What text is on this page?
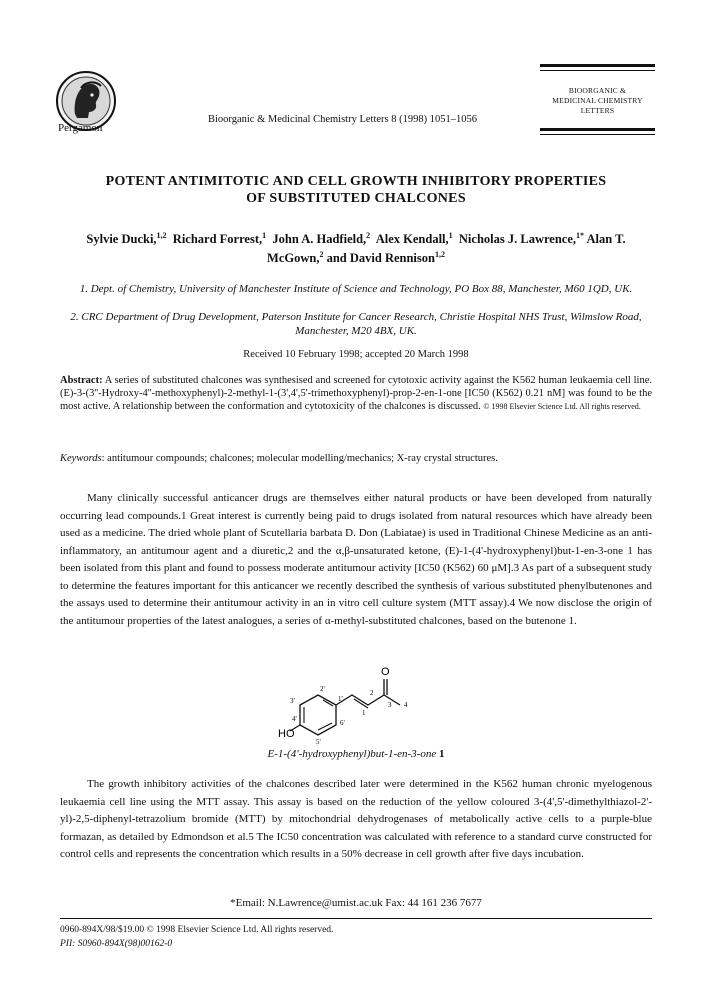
Pergamon
Bioorganic & Medicinal Chemistry Letters 8 (1998) 1051–1056
BIOORGANIC &
MEDICINAL CHEMISTRY
LETTERS
POTENT ANTIMITOTIC AND CELL GROWTH INHIBITORY PROPERTIES
OF SUBSTITUTED CHALCONES
Sylvie Ducki,$^{1,2}$ Richard Forrest,$^1$ John A. Hadfield,$^2$ Alex Kendall,$^1$ Nicholas J. Lawrence,$^{1*}$ Alan T. McGown,$^2$ and David Rennison$^{1,2}$
1. Dept. of Chemistry, University of Manchester Institute of Science and Technology, PO Box 88, Manchester, M60 1QD, UK.
2. CRC Department of Drug Development, Paterson Institute for Cancer Research, Christie Hospital NHS Trust, Wilmslow Road, Manchester, M20 4BX, UK.
Received 10 February 1998; accepted 20 March 1998
Abstract: A series of substituted chalcones was synthesised and screened for cytotoxic activity against the K562 human leukaemia cell line. (E)-3-(3''-Hydroxy-4''-methoxyphenyl)-2-methyl-1-(3',4',5'-trimethoxyphenyl)-prop-2-en-1-one [IC50 (K562) 0.21 nM] was found to be the most active. A relationship between the conformation and cytotoxicity of the chalcones is discussed. © 1998 Elsevier Science Ltd. All rights reserved.
Keywords: antitumour compounds; chalcones; molecular modelling/mechanics; X-ray crystal structures.
Many clinically successful anticancer drugs are themselves either natural products or have been developed from naturally occurring lead compounds.1 Great interest is currently being paid to drugs isolated from natural resources which have already been used as a medicine. The dried whole plant of Scutellaria barbata D. Don (Labiatae) is used in Traditional Chinese Medicine as an anti-inflammatory, an antitumour agent and a diuretic,2 and the α,β-unsaturated ketone, (E)-1-(4'-hydroxyphenyl)but-1-en-3-one 1 has been isolated from this plant and found to possess moderate antitumour activity [IC50 (K562) 60 μM].3 As part of a subsequent study to determine the features important for this anticancer we recently described the synthesis of various substituted phenylbutenones and the assays used to determine their antitumour activity in an in vitro cell culture system (MTT assay).4 We now disclose the origin of the antitumour properties of the latest analogues, a series of α-methyl-substituted chalcones, based on the butenone 1.
O
HO
1
2
3 4
1'
2'
3'
4'
5'
6'
E-1-(4'-hydroxyphenyl)but-1-en-3-one 1
The growth inhibitory activities of the chalcones described later were determined in the K562 human chronic myelogenous leukaemia cell line using the MTT assay. This assay is based on the reduction of the yellow coloured 3-(4',5'-dimethylthiazol-2'-yl)-2,5-diphenyl-tetrazolium bromide (MTT) by mitochondrial dehydrogenases of metabolically active cells to a purple-blue formazan, as detailed by Edmondson et al.5 The IC50 concentration was calculated with reference to a standard curve constructed for control cells and represents the concentration which results in a 50% decrease in cell growth after five days incubation.
*Email: N.Lawrence@umist.ac.uk Fax: 44 161 236 7677
0960-894X/98/$19.00 © 1998 Elsevier Science Ltd. All rights reserved.
PII: S0960-894X(98)00162-0
